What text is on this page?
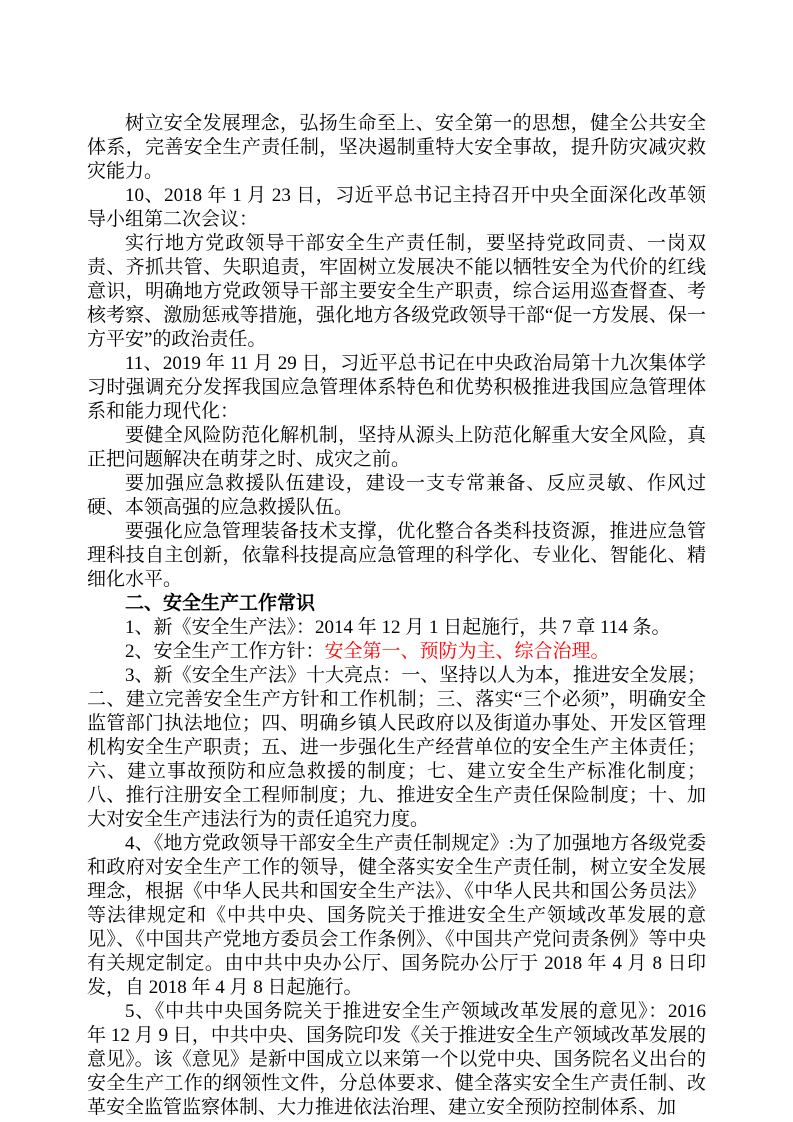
树立安全发展理念，弘扬生命至上、安全第一的思想，健全公共安全体系，完善安全生产责任制，坚决遏制重特大安全事故，提升防灾减灾救灾能力。

10、2018 年 1 月 23 日，习近平总书记主持召开中央全面深化改革领导小组第二次会议：

实行地方党政领导干部安全生产责任制，要坚持党政同责、一岗双责、齐抓共管、失职追责，牢固树立发展决不能以牺牲安全为代价的红线意识，明确地方党政领导干部主要安全生产职责，综合运用巡查督查、考核考察、激励惩戒等措施，强化地方各级党政领导干部“促一方发展、保一方平安”的政治责任。

11、2019 年 11 月 29 日，习近平总书记在中央政治局第十九次集体学习时强调充分发挥我国应急管理体系特色和优势积极推进我国应急管理体系和能力现代化：

要健全风险防范化解机制，坚持从源头上防范化解重大安全风险，真正把问题解决在萌芽之时、成灾之前。

要加强应急救援队伍建设，建设一支专常兼备、反应灵敏、作风过硬、本领高强的应急救援队伍。

要强化应急管理装备技术支撑，优化整合各类科技资源，推进应急管理科技自主创新，依靠科技提高应急管理的科学化、专业化、智能化、精细化水平。

二、安全生产工作常识

1、新《安全生产法》：2014 年 12 月 1 日起施行，共 7 章 114 条。

2、安全生产工作方针：安全第一、预防为主、综合治理。

3、新《安全生产法》十大亮点：一、坚持以人为本，推进安全发展；二、建立完善安全生产方针和工作机制；三、落实“三个必须”，明确安全监管部门执法地位；四、明确乡镇人民政府以及街道办事处、开发区管理机构安全生产职责；五、进一步强化生产经营单位的安全生产主体责任；六、建立事故预防和应急救援的制度；七、建立安全生产标准化制度；八、推行注册安全工程师制度；九、推进安全生产责任保险制度；十、加大对安全生产违法行为的责任追究力度。

4、《地方党政领导干部安全生产责任制规定》:为了加强地方各级党委和政府对安全生产工作的领导，健全落实安全生产责任制，树立安全发展理念，根据《中华人民共和国安全生产法》、《中华人民共和国公务员法》等法律规定和《中共中央、国务院关于推进安全生产领域改革发展的意见》、《中国共产党地方委员会工作条例》、《中国共产党问责条例》等中央有关规定制定。由中共中央办公厅、国务院办公厅于 2018 年 4 月 8 日印发，自 2018 年 4 月 8 日起施行。

5、《中共中央国务院关于推进安全生产领域改革发展的意见》：2016 年 12 月 9 日，中共中央、国务院印发《关于推进安全生产领域改革发展的意见》。该《意见》是新中国成立以来第一个以党中央、国务院名义出台的安全生产工作的纲领性文件，分总体要求、健全落实安全生产责任制、改革安全监管监察体制、大力推进依法治理、建立安全预防控制体系、加
